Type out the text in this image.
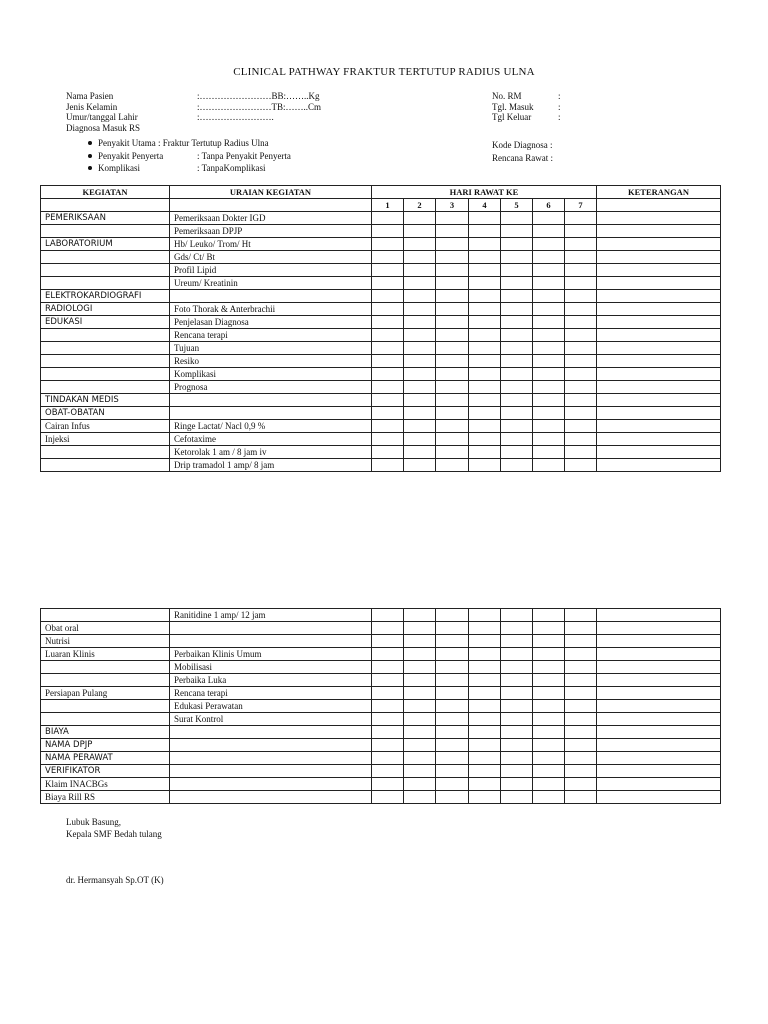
CLINICAL PATHWAY FRAKTUR TERTUTUP RADIUS ULNA
Nama Pasien	:……………………BB:……..Kg
Jenis Kelamin	:……………………TB:……..Cm
Umur/tanggal Lahir	:…………………….
Diagnosa Masuk RS
No. RM	:
Tgl. Masuk	:
Tgl Keluar	:
Penyakit Utama : Fraktur Tertutup Radius Ulna
Penyakit Penyerta	: Tanpa Penyakit Penyerta
Komplikasi	: TanpaKomplikasi
Kode Diagnosa :
Rencana Rawat :
KEGIATAN	URAIAN KEGIATAN	HARI RAWAT KE							KETERANGAN
		1	2	3	4	5	6	7	
PEMERIKSAAN	Pemeriksaan Dokter IGD								
	Pemeriksaan DPJP								
LABORATORIUM	Hb/ Leuko/ Trom/ Ht								
	Gds/ Ct/ Bt								
	Profil Lipid								
	Ureum/ Kreatinin								
ELEKTROKARDIOGRAFI									
RADIOLOGI	Foto Thorak & Anterbrachii								
EDUKASI	Penjelasan Diagnosa								
	Rencana terapi								
	Tujuan								
	Resiko								
	Komplikasi								
	Prognosa								
TINDAKAN MEDIS									
OBAT-OBATAN									
Cairan Infus	Ringe Lactat/ Nacl 0,9 %								
Injeksi	Cefotaxime								
	Ketorolak 1 am / 8 jam iv								
	Drip tramadol 1 amp/ 8 jam								
	Ranitidine 1 amp/ 12 jam								
Obat oral									
Nutrisi									
Luaran Klinis	Perbaikan Klinis Umum								
	Mobilisasi								
	Perbaika Luka								
Persiapan Pulang	Rencana terapi								
	Edukasi Perawatan								
	Surat Kontrol								
BIAYA									
NAMA DPJP									
NAMA PERAWAT									
VERIFIKATOR									
Klaim INACBGs									
Biaya Rill RS									
Lubuk Basung,
Kepala SMF Bedah tulang
dr. Hermansyah Sp.OT (K)
